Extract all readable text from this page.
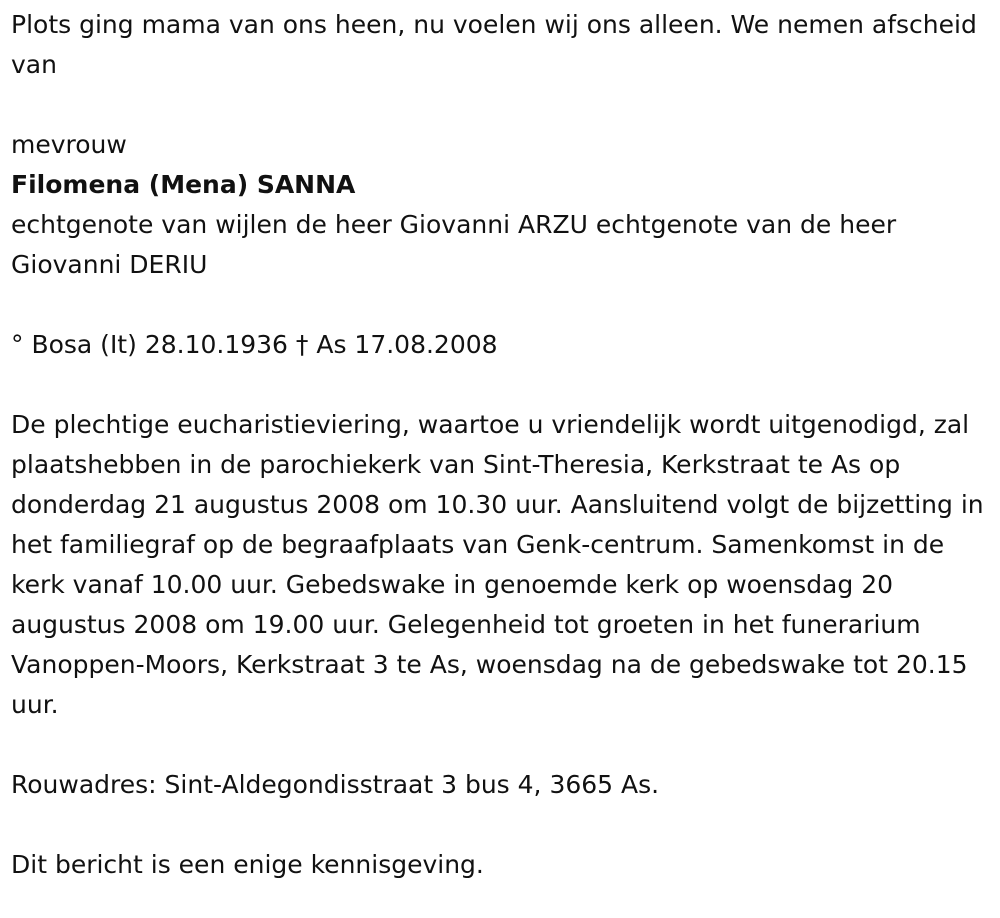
Plots ging mama van ons heen, nu voelen wij ons alleen. We nemen afscheid van

mevrouw

Filomena (Mena) SANNA

echtgenote van wijlen de heer Giovanni ARZU echtgenote van de heer Giovanni DERIU

° Bosa (It) 28.10.1936 † As 17.08.2008

De plechtige eucharistieviering, waartoe u vriendelijk wordt uitgenodigd, zal plaatshebben in de parochiekerk van Sint-Theresia, Kerkstraat te As op donderdag 21 augustus 2008 om 10.30 uur. Aansluitend volgt de bijzetting in het familiegraf op de begraafplaats van Genk-centrum. Samenkomst in de kerk vanaf 10.00 uur. Gebedswake in genoemde kerk op woensdag 20 augustus 2008 om 19.00 uur. Gelegenheid tot groeten in het funerarium Vanoppen-Moors, Kerkstraat 3 te As, woensdag na de gebedswake tot 20.15 uur.

Rouwadres: Sint-Aldegondisstraat 3 bus 4, 3665 As.

Dit bericht is een enige kennisgeving.
